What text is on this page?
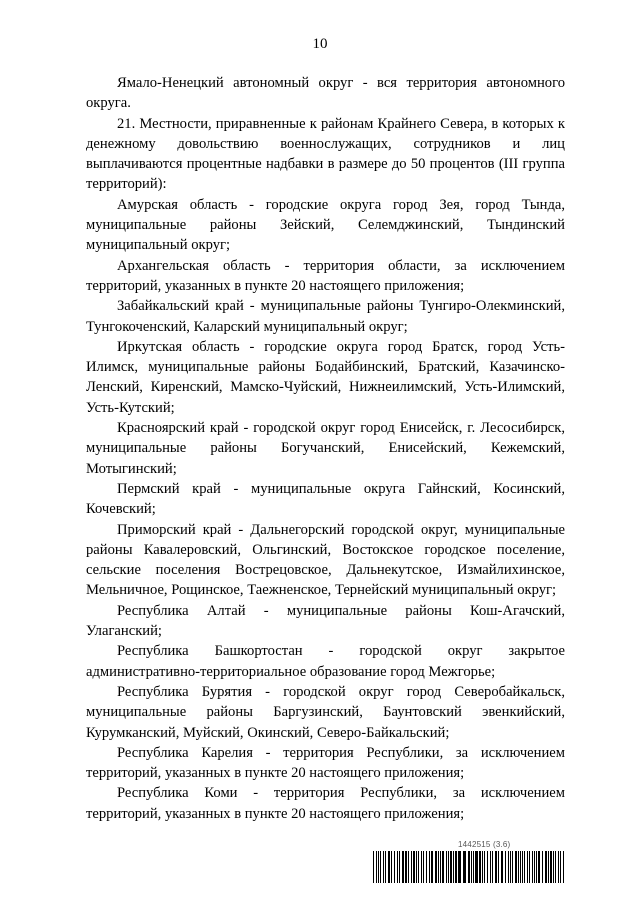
10

Ямало-Ненецкий автономный округ - вся территория автономного округа.

21. Местности, приравненные к районам Крайнего Севера, в которых к денежному довольствию военнослужащих, сотрудников и лиц выплачиваются процентные надбавки в размере до 50 процентов (III группа территорий):

Амурская область - городские округа город Зея, город Тында, муниципальные районы Зейский, Селемджинский, Тындинский муниципальный округ;

Архангельская область - территория области, за исключением территорий, указанных в пункте 20 настоящего приложения;

Забайкальский край - муниципальные районы Тунгиро-Олекминский, Тунгокоченский, Каларский муниципальный округ;

Иркутская область - городские округа город Братск, город Усть-Илимск, муниципальные районы Бодайбинский, Братский, Казачинско-Ленский, Киренский, Мамско-Чуйский, Нижнеилимский, Усть-Илимский, Усть-Кутский;

Красноярский край - городской округ город Енисейск, г. Лесосибирск, муниципальные районы Богучанский, Енисейский, Кежемский, Мотыгинский;

Пермский край - муниципальные округа Гайнский, Косинский, Кочевский;

Приморский край - Дальнегорский городской округ, муниципальные районы Кавалеровский, Ольгинский, Востокское городское поселение, сельские поселения Вострецовское, Дальнекутское, Измайлихинское, Мельничное, Рощинское, Таежненское, Тернейский муниципальный округ;

Республика Алтай - муниципальные районы Кош-Агачский, Улаганский;

Республика Башкортостан - городской округ закрытое административно-территориальное образование город Межгорье;

Республика Бурятия - городской округ город Северобайкальск, муниципальные районы Баргузинский, Баунтовский эвенкийский, Курумканский, Муйский, Окинский, Северо-Байкальский;

Республика Карелия - территория Республики, за исключением территорий, указанных в пункте 20 настоящего приложения;

Республика Коми - территория Республики, за исключением территорий, указанных в пункте 20 настоящего приложения;

1442515 (3.6)
